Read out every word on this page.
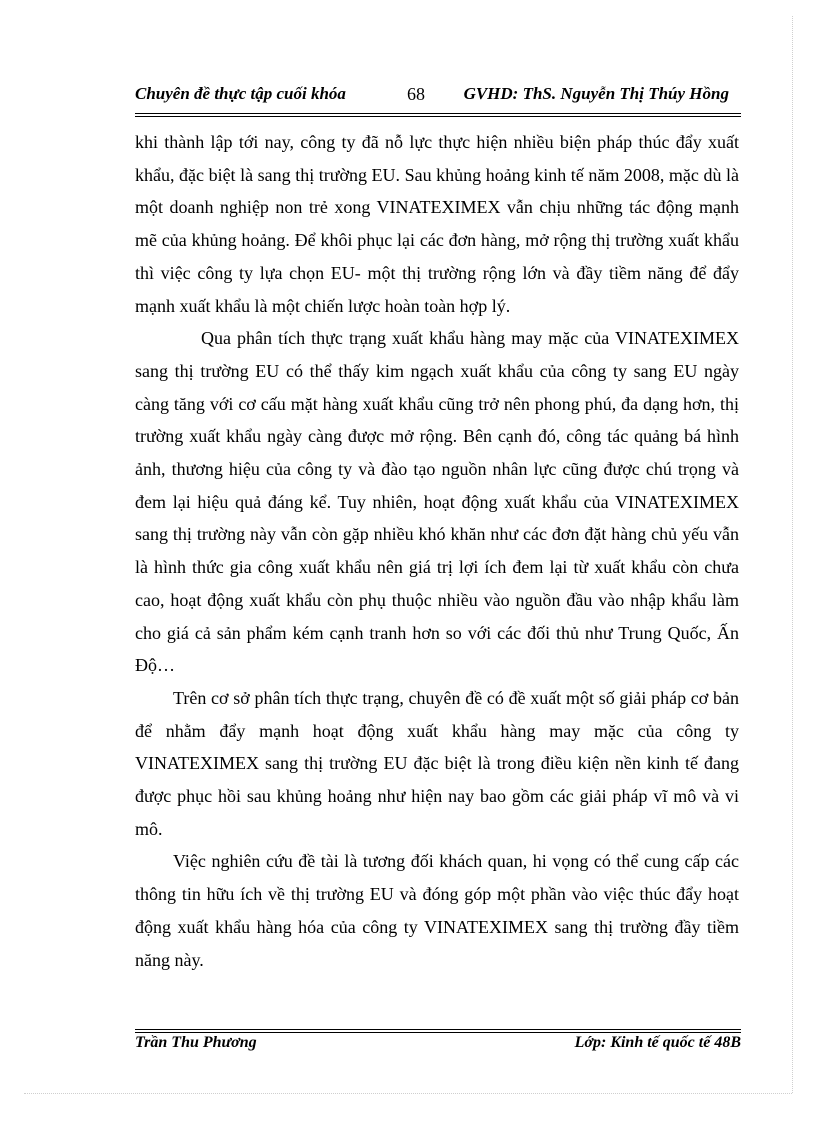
Chuyên đề thực tập cuối khóa	68 GVHD: ThS. Nguyễn Thị Thúy Hồng

khi thành lập tới nay, công ty đã nỗ lực thực hiện nhiều biện pháp thúc đẩy xuất khẩu, đặc biệt là sang thị trường EU. Sau khủng hoảng kinh tế năm 2008, mặc dù là một doanh nghiệp non trẻ xong VINATEXIMEX vẫn chịu những tác động mạnh mẽ của khủng hoảng. Để khôi phục lại các đơn hàng, mở rộng thị trường xuất khẩu thì việc công ty lựa chọn EU- một thị trường rộng lớn và đầy tiềm năng để đẩy mạnh xuất khẩu là một chiến lược hoàn toàn hợp lý.

Qua phân tích thực trạng xuất khẩu hàng may mặc của VINATEXIMEX sang thị trường EU có thể thấy kim ngạch xuất khẩu của công ty sang EU ngày càng tăng với cơ cấu mặt hàng xuất khẩu cũng trở nên phong phú, đa dạng hơn, thị trường xuất khẩu ngày càng được mở rộng. Bên cạnh đó, công tác quảng bá hình ảnh, thương hiệu của công ty và đào tạo nguồn nhân lực cũng được chú trọng và đem lại hiệu quả đáng kể. Tuy nhiên, hoạt động xuất khẩu của VINATEXIMEX sang thị trường này vẫn còn gặp nhiều khó khăn như các đơn đặt hàng chủ yếu vẫn là hình thức gia công xuất khẩu nên giá trị lợi ích đem lại từ xuất khẩu còn chưa cao, hoạt động xuất khẩu còn phụ thuộc nhiều vào nguồn đầu vào nhập khẩu làm cho giá cả sản phẩm kém cạnh tranh hơn so với các đối thủ như Trung Quốc, Ấn Độ…

Trên cơ sở phân tích thực trạng, chuyên đề có đề xuất một số giải pháp cơ bản để nhằm đẩy mạnh hoạt động xuất khẩu hàng may mặc của công ty VINATEXIMEX sang thị trường EU đặc biệt là trong điều kiện nền kinh tế đang được phục hồi sau khủng hoảng như hiện nay bao gồm các giải pháp vĩ mô và vi mô.

Việc nghiên cứu đề tài là tương đối khách quan, hi vọng có thể cung cấp các thông tin hữu ích về thị trường EU và đóng góp một phần vào việc thúc đẩy hoạt động xuất khẩu hàng hóa của công ty VINATEXIMEX sang thị trường đầy tiềm năng này.

Trần Thu Phương	Lớp: Kinh tế quốc tế 48B
